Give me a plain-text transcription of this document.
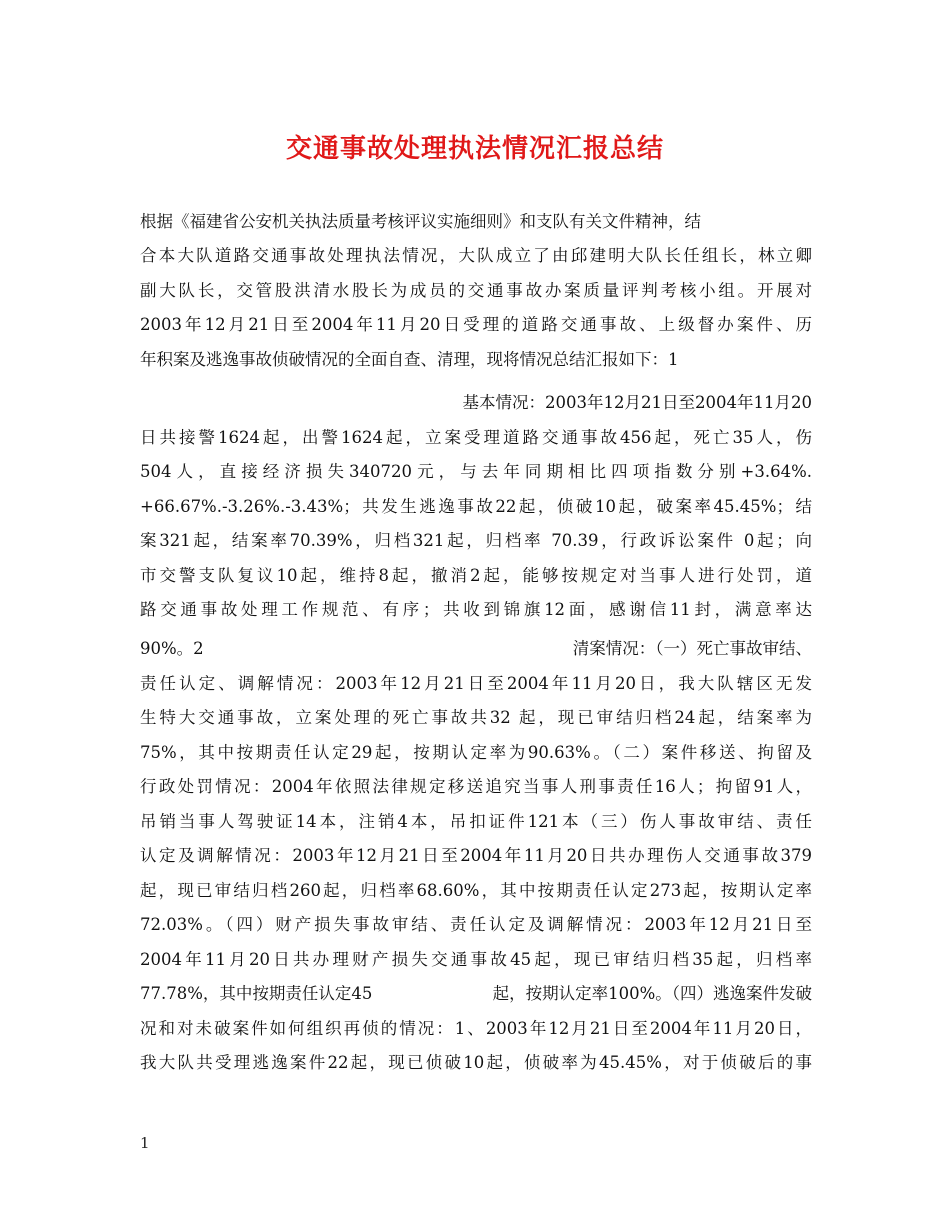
交通事故处理执法情况汇报总结
根据《福建省公安机关执法质量考核评议实施细则》和支队有关文件精神，结
合本大队道路交通事故处理执法情况，大队成立了由邱建明大队长任组长，林立卿
副大队长，交管股洪清水股长为成员的交通事故办案质量评判考核小组。开展对
2003年12月21日至2004年11月20日受理的道路交通事故、上级督办案件、历
年积案及逃逸事故侦破情况的全面自查、清理，现将情况总结汇报如下：1
基本情况：2003年12月21日至2004年11月20
日共接警1624起，出警1624起，立案受理道路交通事故456起，死亡35人，伤
504人，直接经济损失340720元，与去年同期相比四项指数分别+3.64%.
+66.67%.-3.26%.-3.43%；共发生逃逸事故22起，侦破10起，破案率45.45%；结
案321起，结案率70.39%，归档321起，归档率 70.39，行政诉讼案件 0起；向
市交警支队复议10起，维持8起，撤消2起，能够按规定对当事人进行处罚，道
路交通事故处理工作规范、有序；共收到锦旗12面，感谢信11封，满意率达
90%。2	清案情况：（一）死亡事故审结、
责任认定、调解情况：2003年12月21日至2004年11月20日，我大队辖区无发
生特大交通事故，立案处理的死亡事故共32 起，现已审结归档24起，结案率为
75%，其中按期责任认定29起，按期认定率为90.63%。（二）案件移送、拘留及
行政处罚情况：2004年依照法律规定移送追究当事人刑事责任16人；拘留91人，
吊销当事人驾驶证14本，注销4本，吊扣证件121本（三）伤人事故审结、责任
认定及调解情况：2003年12月21日至2004年11月20日共办理伤人交通事故379
起，现已审结归档260起，归档率68.60%，其中按期责任认定273起，按期认定率
72.03%。（四）财产损失事故审结、责任认定及调解情况：2003年12月21日至
2004年11月20日共办理财产损失交通事故45起，现已审结归档35起，归档率
77.78%，其中按期责任认定45	起，按期认定率100%。（四）逃逸案件发破
况和对未破案件如何组织再侦的情况：1、2003年12月21日至2004年11月20日，
我大队共受理逃逸案件22起，现已侦破10起，侦破率为45.45%，对于侦破后的事
1
